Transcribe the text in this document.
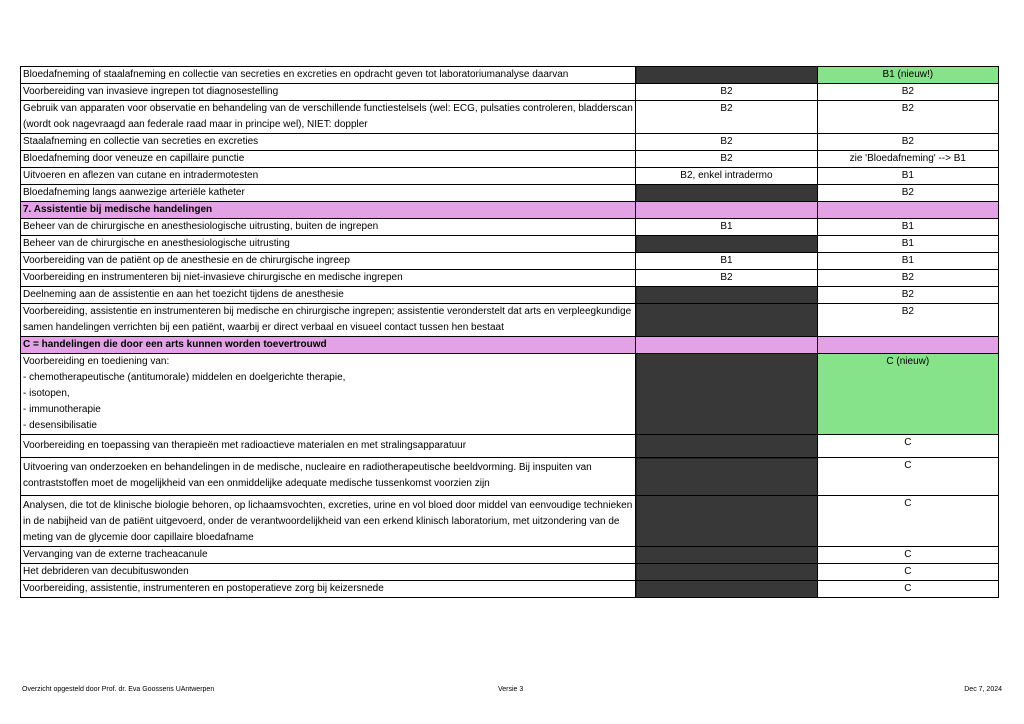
Bloedafneming of staalafneming en collectie van secreties en excreties en opdracht geven tot laboratoriumanalyse daarvan		B1 (nieuw!)
Voorbereiding van invasieve ingrepen tot diagnosestelling	B2	B2
Gebruik van apparaten voor observatie en behandeling van de verschillende functiestelsels (wel: ECG, pulsaties controleren, bladderscan (wordt ook nagevraagd aan federale raad maar in principe wel), NIET: doppler	B2	B2
Staalafneming en collectie van secreties en excreties	B2	B2
Bloedafneming door veneuze en capillaire punctie	B2	zie 'Bloedafneming' --> B1
Uitvoeren en aflezen van cutane en intradermotesten	B2, enkel intradermo	B1
Bloedafneming langs aanwezige arteriële katheter		B2
7. Assistentie bij medische handelingen		
Beheer van de chirurgische en anesthesiologische uitrusting, buiten de ingrepen	B1	B1
Beheer van de chirurgische en anesthesiologische uitrusting		B1
Voorbereiding van de patiënt op de anesthesie en de chirurgische ingreep	B1	B1
Voorbereiding en instrumenteren bij niet-invasieve chirurgische en medische ingrepen	B2	B2
Deelneming aan de assistentie en aan het toezicht tijdens de anesthesie		B2
Voorbereiding, assistentie en instrumenteren bij medische en chirurgische ingrepen; assistentie veronderstelt dat arts en verpleegkundige samen handelingen verrichten bij een patiënt, waarbij er direct verbaal en visueel contact tussen hen bestaat		B2
C = handelingen die door een arts kunnen worden toevertrouwd		

Voorbereiding en toediening van:
- chemotherapeutische (antitumorale) middelen en doelgerichte therapie,
- isotopen,
- immunotherapie
- desensibilisatie		C (nieuw)
Voorbereiding en toepassing van therapieën met radioactieve materialen en met stralingsapparatuur		C
Uitvoering van onderzoeken en behandelingen in de medische, nucleaire en radiotherapeutische beeldvorming. Bij inspuiten van contraststoffen moet de mogelijkheid van een onmiddelijke adequate medische tussenkomst voorzien zijn		C
Analysen, die tot de klinische biologie behoren, op lichaamsvochten, excreties, urine en vol bloed door middel van eenvoudige technieken in de nabijheid van de patiënt uitgevoerd, onder de verantwoordelijkheid van een erkend klinisch laboratorium, met uitzondering van de meting van de glycemie door capillaire bloedafname		C
Vervanging van de externe tracheacanule		C
Het debrideren van decubituswonden		C
Voorbereiding, assistentie, instrumenteren en postoperatieve zorg bij keizersnede		C
Overzicht opgesteld door Prof. dr. Eva Goossens UAntwerpen	Versie 3	Dec 7, 2024
